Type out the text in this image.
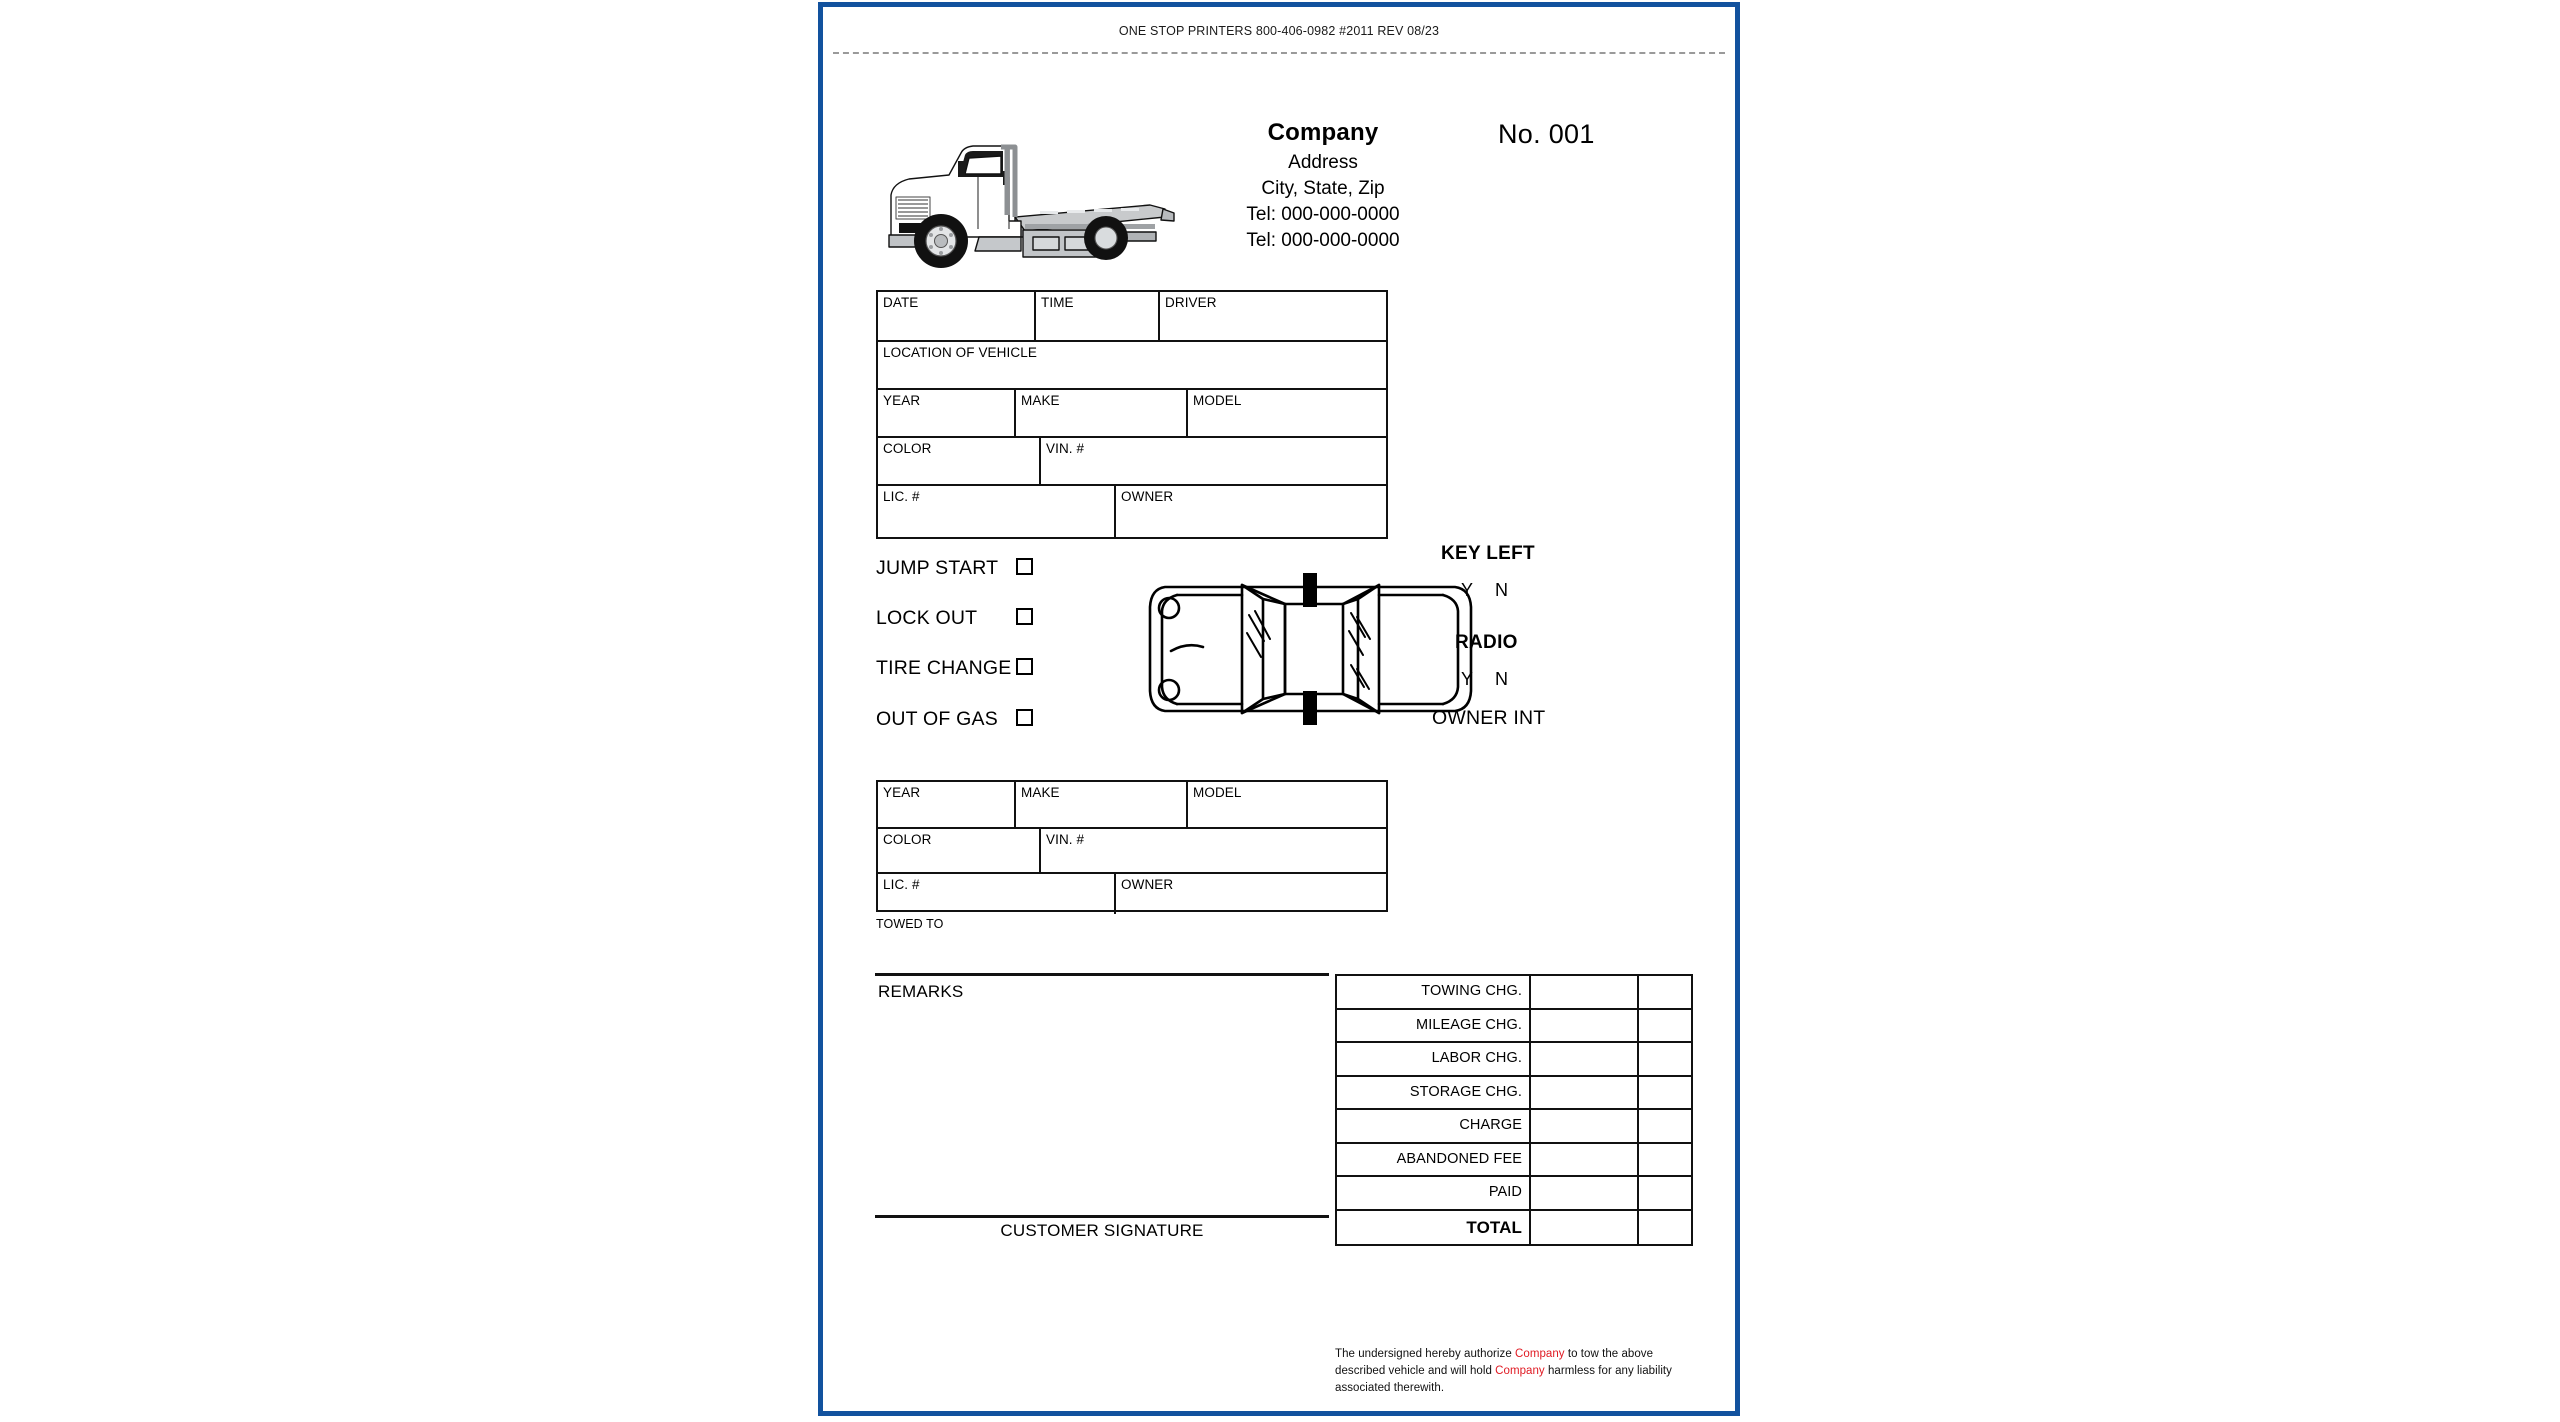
ONE STOP PRINTERS 800-406-0982 #2011 REV 08/23
Company
Address
City, State, Zip
Tel: 000-000-0000
Tel: 000-000-0000
No. 001
DATE	TIME	DRIVER
LOCATION OF VEHICLE
YEAR	MAKE	MODEL
COLOR	VIN. #
LIC. #	OWNER
JUMP START
LOCK OUT
TIRE CHANGE
OUT OF GAS
KEY LEFT
Y N
RADIO
Y N
OWNER INT
YEAR	MAKE	MODEL
COLOR	VIN. #
LIC. #	OWNER
TOWED TO
REMARKS
CUSTOMER SIGNATURE
TOWING CHG.
MILEAGE CHG.
LABOR CHG.
STORAGE CHG.
CHARGE
ABANDONED FEE
PAID
TOTAL
The undersigned hereby authorize Company to tow the above described vehicle and will hold Company harmless for any liability associated therewith.
